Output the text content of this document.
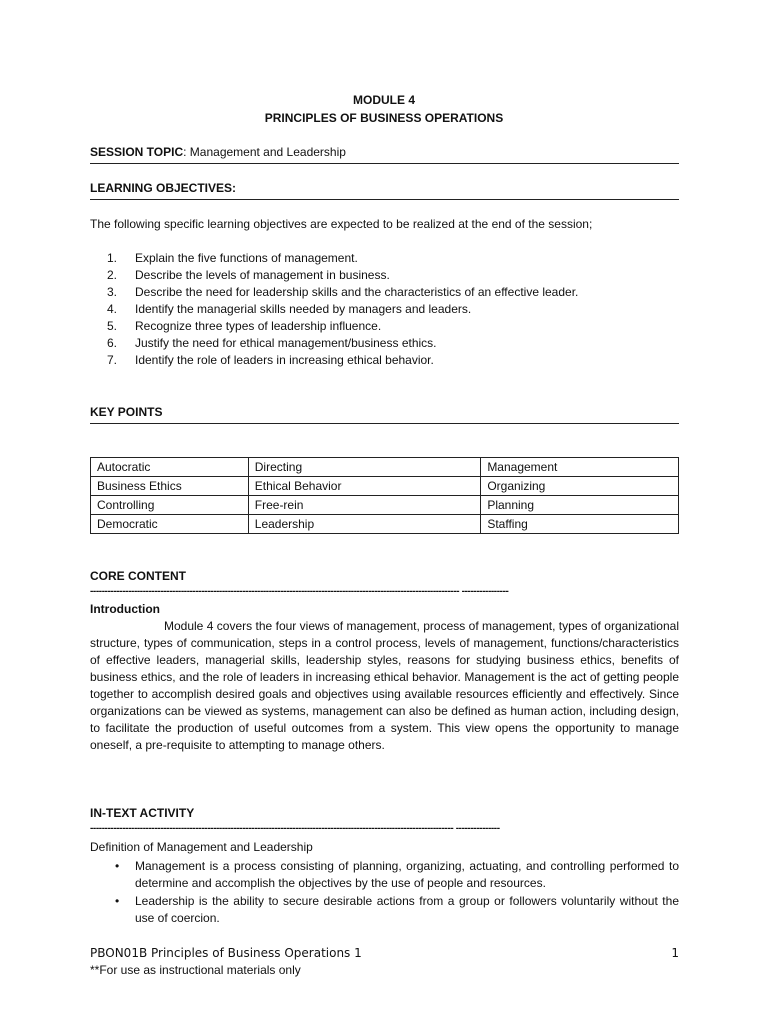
MODULE 4
PRINCIPLES OF BUSINESS OPERATIONS
SESSION TOPIC: Management and Leadership
LEARNING OBJECTIVES:
The following specific learning objectives are expected to be realized at the end of the session;
1. Explain the five functions of management.
2. Describe the levels of management in business.
3. Describe the need for leadership skills and the characteristics of an effective leader.
4. Identify the managerial skills needed by managers and leaders.
5. Recognize three types of leadership influence.
6. Justify the need for ethical management/business ethics.
7. Identify the role of leaders in increasing ethical behavior.
KEY POINTS
Autocratic	Directing	Management
Business Ethics	Ethical Behavior	Organizing
Controlling	Free-rein	Planning
Democratic	Leadership	Staffing
CORE CONTENT
------------------------------------------------------------------------------------------------------------------------------ ----------------
Introduction
Module 4 covers the four views of management, process of management, types of organizational structure, types of communication, steps in a control process, levels of management, functions/characteristics of effective leaders, managerial skills, leadership styles, reasons for studying business ethics, benefits of business ethics, and the role of leaders in increasing ethical behavior. Management is the act of getting people together to accomplish desired goals and objectives using available resources efficiently and effectively. Since organizations can be viewed as systems, management can also be defined as human action, including design, to facilitate the production of useful outcomes from a system. This view opens the opportunity to manage oneself, a pre-requisite to attempting to manage others.
IN-TEXT ACTIVITY
---------------------------------------------------------------------------------------------------------------------------- ---------------
Definition of Management and Leadership
• Management is a process consisting of planning, organizing, actuating, and controlling performed to determine and accomplish the objectives by the use of people and resources.
• Leadership is the ability to secure desirable actions from a group or followers voluntarily without the use of coercion.
PBON01B Principles of Business Operations 1	1
**For use as instructional materials only
